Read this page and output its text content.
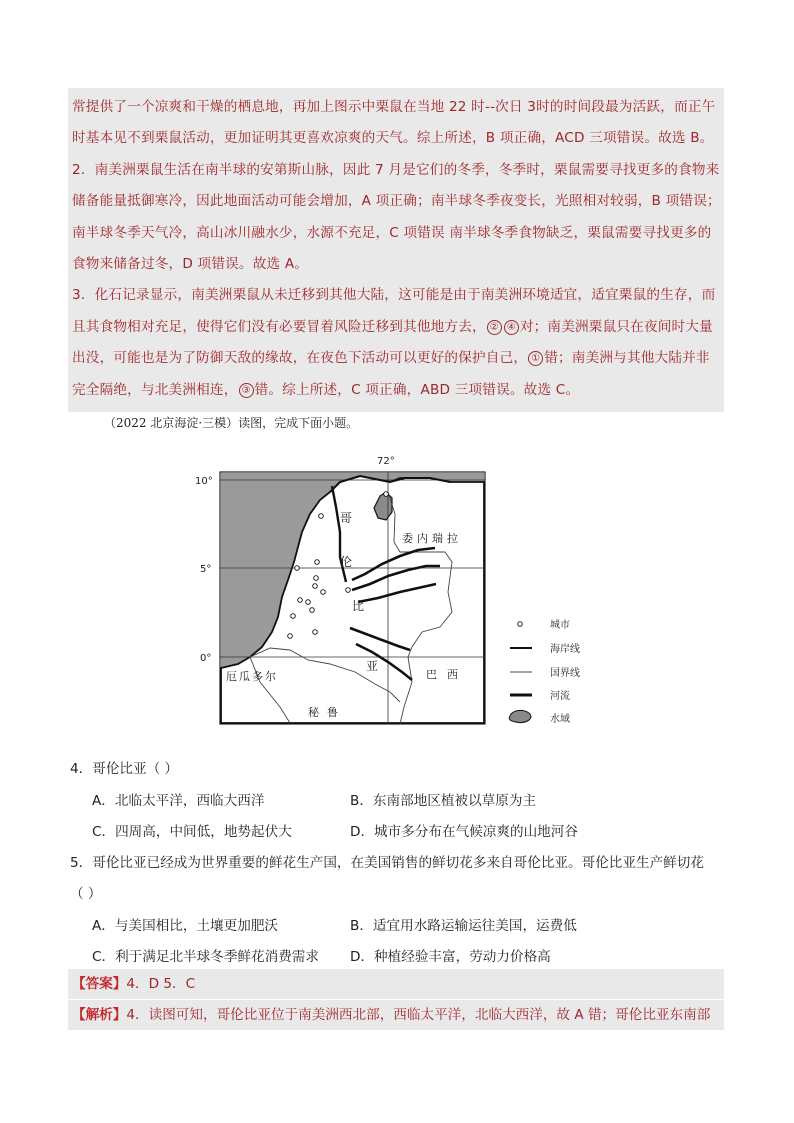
常提供了一个凉爽和干燥的栖息地，再加上图示中栗鼠在当地 22 时--次日 3时的时间段最为活跃，而正午
时基本见不到栗鼠活动，更加证明其更喜欢凉爽的天气。综上所述，B 项正确，ACD 三项错误。故选 B。
2．南美洲栗鼠生活在南半球的安第斯山脉，因此 7 月是它们的冬季，冬季时，栗鼠需要寻找更多的食物来
储备能量抵御寒冷，因此地面活动可能会增加，A 项正确；南半球冬季夜变长，光照相对较弱，B 项错误；
南半球冬季天气冷，高山冰川融水少，水源不充足，C 项错误 南半球冬季食物缺乏，栗鼠需要寻找更多的
食物来储备过冬，D 项错误。故选 A。
3．化石记录显示，南美洲栗鼠从未迁移到其他大陆，这可能是由于南美洲环境适宜，适宜栗鼠的生存，而
且其食物相对充足，使得它们没有必要冒着风险迁移到其他地方去， ② ④ 对；南美洲栗鼠只在夜间时大量
出没，可能也是为了防御天敌的缘故，在夜色下活动可以更好的保护自己， ① 错；南美洲与其他大陆并非
完全隔绝，与北美洲相连， ③ 错。综上所述，C 项正确，ABD 三项错误。故选 C。
（2022 北京海淀·三模）读图，完成下面小题。
10°
5°
0°
72°
哥
伦
比
亚
委内瑞拉
厄瓜多尔
秘鲁
巴西
城市
海岸线
国界线
河流
水域
4．哥伦比亚（ ）
A．北临太平洋，西临大西洋	B．东南部地区植被以草原为主
C．四周高，中间低，地势起伏大	D．城市多分布在气候凉爽的山地河谷
5．哥伦比亚已经成为世界重要的鲜花生产国，在美国销售的鲜切花多来自哥伦比亚。哥伦比亚生产鲜切花
（ ）
A．与美国相比，土壤更加肥沃	B．适宜用水路运输运往美国，运费低
C．利于满足北半球冬季鲜花消费需求 D．种植经验丰富，劳动力价格高
【答案】4．D 5．C
【解析】4．读图可知，哥伦比亚位于南美洲西北部，西临太平洋，北临大西洋，故 A 错；哥伦比亚东南部
